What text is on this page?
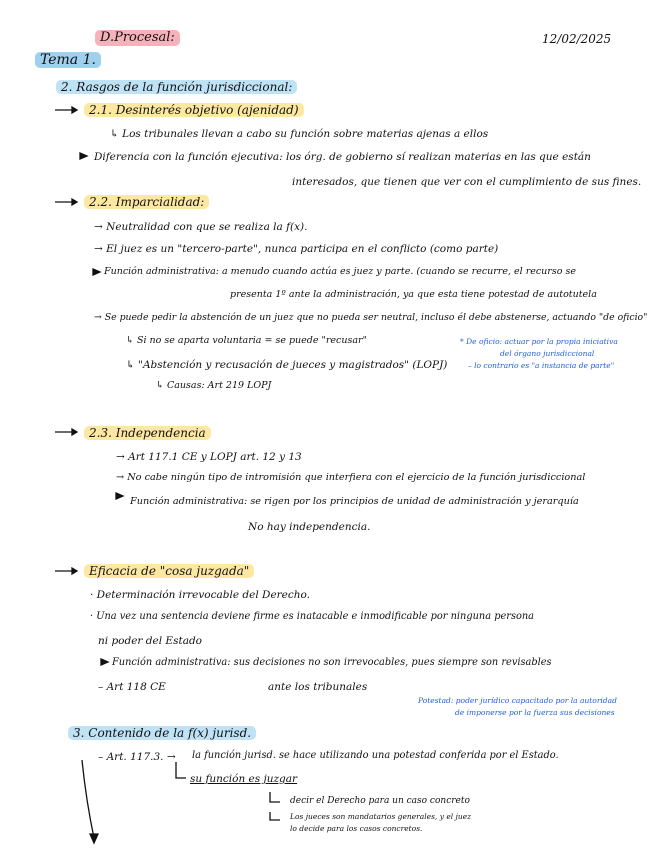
D.Procesal:	12/02/2025
Tema 1.
2. Rasgos de la función jurisdiccional:
2.1. Desinterés objetivo (ajenidad)
↳ Los tribunales llevan a cabo su función sobre materias ajenas a ellos
Diferencia con la función ejecutiva: los órg. de gobierno sí realizan materias en las que están
interesados, que tienen que ver con el cumplimiento de sus fines.
2.2. Imparcialidad:
→ Neutralidad con que se realiza la f(x).
→ El juez es un "tercero-parte", nunca participa en el conflicto (como parte)
Función administrativa: a menudo cuando actúa es juez y parte. (cuando se recurre, el recurso se
presenta 1º ante la administración, ya que esta tiene potestad de autotutela
→ Se puede pedir la abstención de un juez que no pueda ser neutral, incluso él debe abstenerse, actuando "de oficio"
↳ Si no se aparta voluntaria = se puede "recusar"
↳ "Abstención y recusación de jueces y magistrados" (LOPJ)
↳ Causas: Art 219 LOPJ
* De oficio: actuar por la propia iniciativa
del órgano jurisdiccional
– lo contrario es "a instancia de parte"
2.3. Independencia
→ Art 117.1 CE y LOPJ art. 12 y 13
→ No cabe ningún tipo de intromisión que interfiera con el ejercicio de la función jurisdiccional
Función administrativa: se rigen por los principios de unidad de administración y jerarquía
No hay independencia.
Eficacia de "cosa juzgada"
· Determinación irrevocable del Derecho.
· Una vez una sentencia deviene firme es inatacable e inmodificable por ninguna persona
ni poder del Estado
Función administrativa: sus decisiones no son irrevocables, pues siempre son revisables
– Art 118 CE	ante los tribunales
Potestad: poder jurídico capacitado por la autoridad
de imponerse por la fuerza sus decisiones
3. Contenido de la f(x) jurisd.
– Art. 117.3. → la función jurisd. se hace utilizando una potestad conferida por el Estado.
su función es juzgar
decir el Derecho para un caso concreto
Los jueces son mandatarios generales, y el juez
lo decide para los casos concretos.
